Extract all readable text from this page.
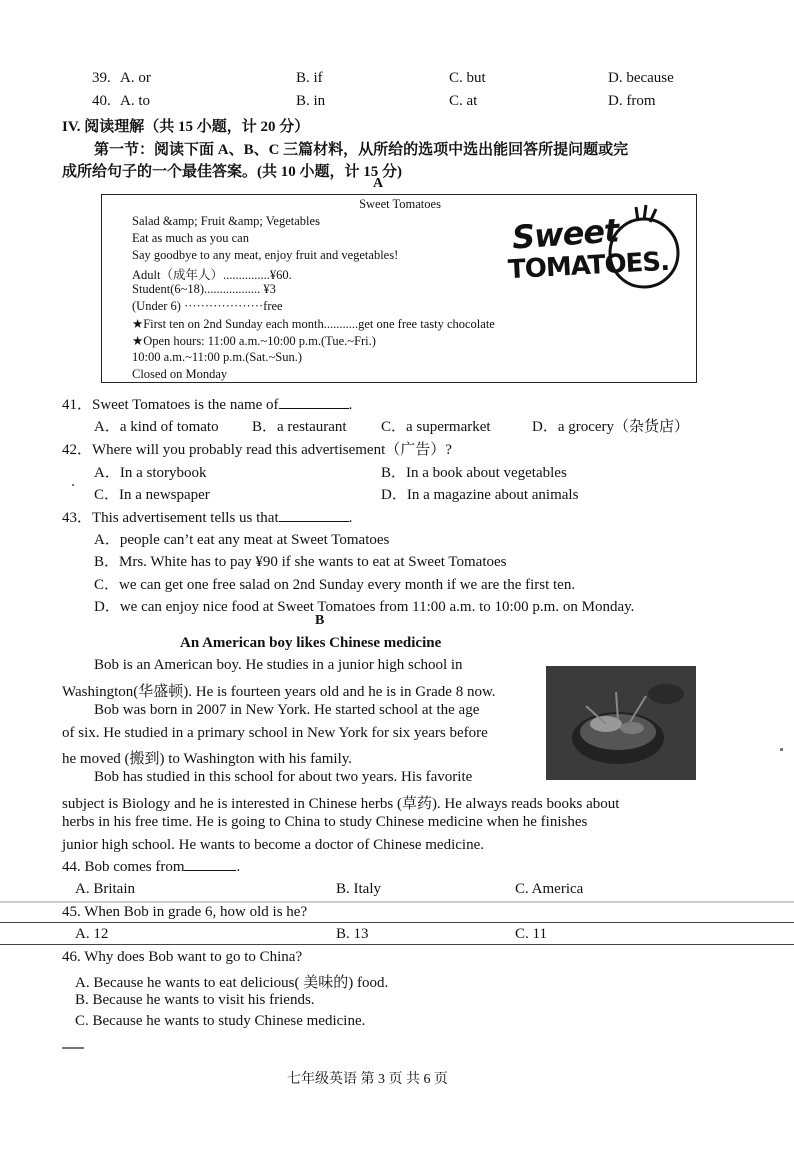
39. A. or	B. if	C. but	D. because
40. A. to	B. in	C. at	D. from
IV. 阅读理解（共 15 小题，计 20 分）
第一节：阅读下面 A、B、C 三篇材料，从所给的选项中选出能回答所提问题或完
成所给句子的一个最佳答案。(共 10 小题，计 15 分)
A
Sweet Tomatoes
Salad &amp; Fruit &amp; Vegetables
Eat as much as you can
Say goodbye to any meat, enjoy fruit and vegetables!
Adult（成年人）...............¥60.
Student(6~18).................. ¥3
(Under 6) ···················free
★First ten on 2nd Sunday each month...........get one free tasty chocolate
★Open hours: 11:00 a.m.~10:00 p.m.(Tue.~Fri.)
10:00 a.m.~11:00 p.m.(Sat.~Sun.)
Closed on Monday
Sweet
TOMATOES.
41．Sweet Tomatoes is the name of	.
A．a kind of tomato B．a restaurant C．a supermarket	D．a grocery（杂货店）
42．Where will you probably read this advertisement（广告）?
A．In a storybook	B．In a book about vegetables
C．In a newspaper	D．In a magazine about animals
43．This advertisement tells us that	.
A．people can’t eat any meat at Sweet Tomatoes
B．Mrs. White has to pay ¥90 if she wants to eat at Sweet Tomatoes
C．we can get one free salad on 2nd Sunday every month if we are the first ten.
D．we can enjoy nice food at Sweet Tomatoes from 11:00 a.m. to 10:00 p.m. on Monday.
B
An American boy likes Chinese medicine
Bob is an American boy. He studies in a junior high school in
Washington(华盛顿). He is fourteen years old and he is in Grade 8 now.
Bob was born in 2007 in New York. He started school at the age
of six. He studied in a primary school in New York for six years before
he moved (搬到) to Washington with his family.
Bob has studied in this school for about two years. His favorite
subject is Biology and he is interested in Chinese herbs (草药). He always reads books about
herbs in his free time. He is going to China to study Chinese medicine when he finishes
junior high school. He wants to become a doctor of Chinese medicine.
44. Bob comes from	.
A. Britain	B. Italy	C. America
45. When Bob in grade 6, how old is he?
A. 12	B. 13	C. 11
46. Why does Bob want to go to China?
A. Because he wants to eat delicious( 美味的) food.
B. Because he wants to visit his friends.
C. Because he wants to study Chinese medicine.
七年级英语 第 3 页 共 6 页
